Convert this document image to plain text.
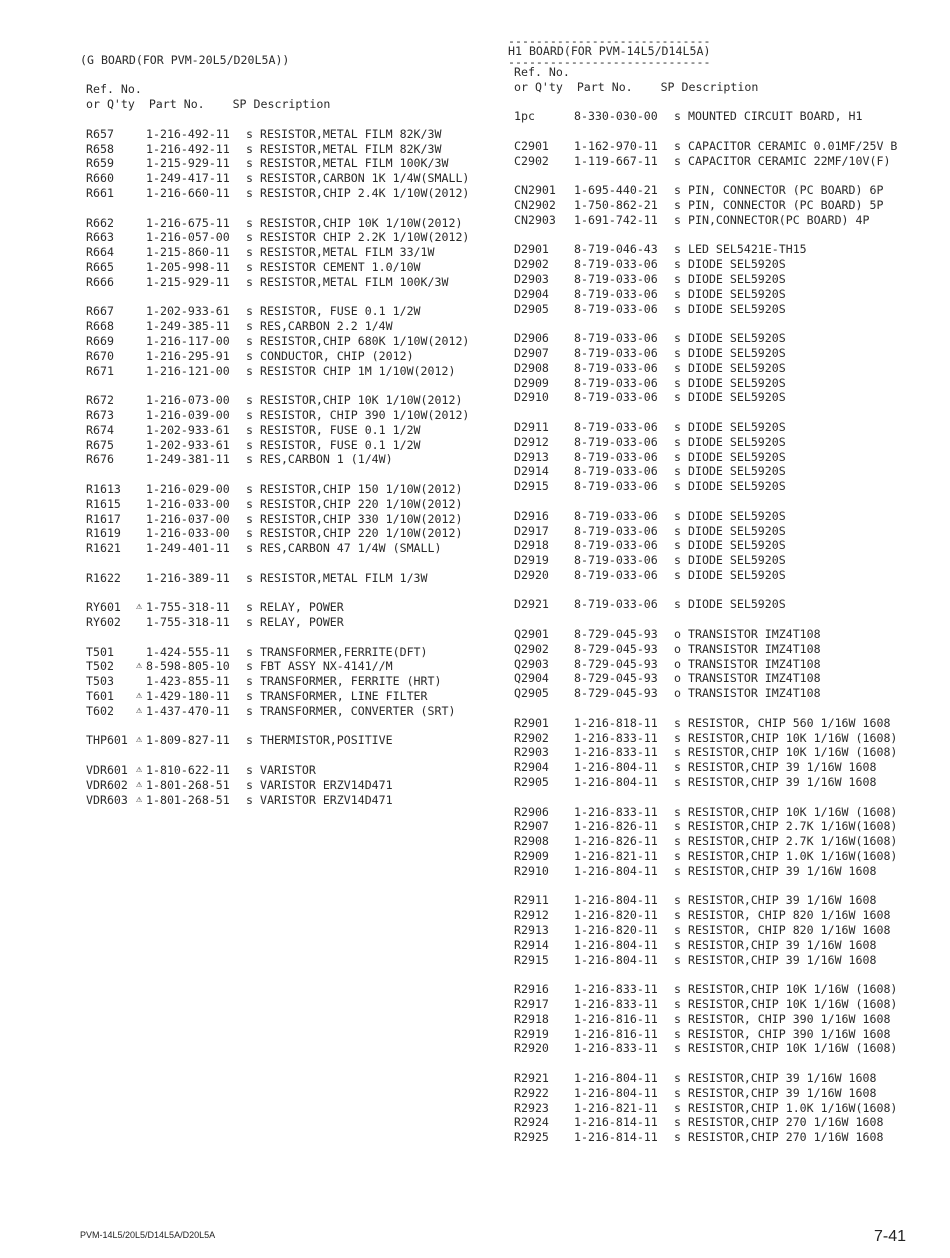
(G BOARD(FOR PVM-20L5/D20L5A))
Ref. No.
or Q'ty  Part No.    SP Description
R657	1-216-492-11	s RESISTOR,METAL FILM 82K/3W
R658	1-216-492-11	s RESISTOR,METAL FILM 82K/3W
R659	1-215-929-11	s RESISTOR,METAL FILM 100K/3W
R660	1-249-417-11	s RESISTOR,CARBON 1K 1/4W(SMALL)
R661	1-216-660-11	s RESISTOR,CHIP 2.4K 1/10W(2012)
R662	1-216-675-11	s RESISTOR,CHIP 10K 1/10W(2012)
R663	1-216-057-00	s RESISTOR CHIP 2.2K 1/10W(2012)
R664	1-215-860-11	s RESISTOR,METAL FILM 33/1W
R665	1-205-998-11	s RESISTOR CEMENT 1.0/10W
R666	1-215-929-11	s RESISTOR,METAL FILM 100K/3W
R667	1-202-933-61	s RESISTOR, FUSE 0.1 1/2W
R668	1-249-385-11	s RES,CARBON 2.2 1/4W
R669	1-216-117-00	s RESISTOR,CHIP 680K 1/10W(2012)
R670	1-216-295-91	s CONDUCTOR, CHIP (2012)
R671	1-216-121-00	s RESISTOR CHIP 1M 1/10W(2012)
R672	1-216-073-00	s RESISTOR,CHIP 10K 1/10W(2012)
R673	1-216-039-00	s RESISTOR, CHIP 390 1/10W(2012)
R674	1-202-933-61	s RESISTOR, FUSE 0.1 1/2W
R675	1-202-933-61	s RESISTOR, FUSE 0.1 1/2W
R676	1-249-381-11	s RES,CARBON 1 (1/4W)
R1613	1-216-029-00	s RESISTOR,CHIP 150 1/10W(2012)
R1615	1-216-033-00	s RESISTOR,CHIP 220 1/10W(2012)
R1617	1-216-037-00	s RESISTOR,CHIP 330 1/10W(2012)
R1619	1-216-033-00	s RESISTOR,CHIP 220 1/10W(2012)
R1621	1-249-401-11	s RES,CARBON 47 1/4W (SMALL)
R1622	1-216-389-11	s RESISTOR,METAL FILM 1/3W
RY601	⚠ 1-755-318-11	s RELAY, POWER
RY602	1-755-318-11	s RELAY, POWER
T501	1-424-555-11	s TRANSFORMER,FERRITE(DFT)
T502	⚠ 8-598-805-10	s FBT ASSY NX-4141//M
T503	1-423-855-11	s TRANSFORMER, FERRITE (HRT)
T601	⚠ 1-429-180-11	s TRANSFORMER, LINE FILTER
T602	⚠ 1-437-470-11	s TRANSFORMER, CONVERTER (SRT)
THP601 ⚠ 1-809-827-11	s THERMISTOR,POSITIVE
VDR601 ⚠ 1-810-622-11	s VARISTOR
VDR602 ⚠ 1-801-268-51	s VARISTOR ERZV14D471
VDR603 ⚠ 1-801-268-51	s VARISTOR ERZV14D471
-----------------------------
H1 BOARD(FOR PVM-14L5/D14L5A)
-----------------------------
Ref. No.
or Q'ty  Part No.    SP Description
1pc	8-330-030-00	s MOUNTED CIRCUIT BOARD, H1
C2901	1-162-970-11	s CAPACITOR CERAMIC 0.01MF/25V B
C2902	1-119-667-11	s CAPACITOR CERAMIC 22MF/10V(F)
CN2901	1-695-440-21	s PIN, CONNECTOR (PC BOARD) 6P
CN2902	1-750-862-21	s PIN, CONNECTOR (PC BOARD) 5P
CN2903	1-691-742-11	s PIN,CONNECTOR(PC BOARD) 4P
D2901	8-719-046-43	s LED SEL5421E-TH15
D2902	8-719-033-06	s DIODE SEL5920S
D2903	8-719-033-06	s DIODE SEL5920S
D2904	8-719-033-06	s DIODE SEL5920S
D2905	8-719-033-06	s DIODE SEL5920S
D2906	8-719-033-06	s DIODE SEL5920S
D2907	8-719-033-06	s DIODE SEL5920S
D2908	8-719-033-06	s DIODE SEL5920S
D2909	8-719-033-06	s DIODE SEL5920S
D2910	8-719-033-06	s DIODE SEL5920S
D2911	8-719-033-06	s DIODE SEL5920S
D2912	8-719-033-06	s DIODE SEL5920S
D2913	8-719-033-06	s DIODE SEL5920S
D2914	8-719-033-06	s DIODE SEL5920S
D2915	8-719-033-06	s DIODE SEL5920S
D2916	8-719-033-06	s DIODE SEL5920S
D2917	8-719-033-06	s DIODE SEL5920S
D2918	8-719-033-06	s DIODE SEL5920S
D2919	8-719-033-06	s DIODE SEL5920S
D2920	8-719-033-06	s DIODE SEL5920S
D2921	8-719-033-06	s DIODE SEL5920S
Q2901	8-729-045-93	o TRANSISTOR IMZ4T108
Q2902	8-729-045-93	o TRANSISTOR IMZ4T108
Q2903	8-729-045-93	o TRANSISTOR IMZ4T108
Q2904	8-729-045-93	o TRANSISTOR IMZ4T108
Q2905	8-729-045-93	o TRANSISTOR IMZ4T108
R2901	1-216-818-11	s RESISTOR, CHIP 560 1/16W 1608
R2902	1-216-833-11	s RESISTOR,CHIP 10K 1/16W (1608)
R2903	1-216-833-11	s RESISTOR,CHIP 10K 1/16W (1608)
R2904	1-216-804-11	s RESISTOR,CHIP 39 1/16W 1608
R2905	1-216-804-11	s RESISTOR,CHIP 39 1/16W 1608
R2906	1-216-833-11	s RESISTOR,CHIP 10K 1/16W (1608)
R2907	1-216-826-11	s RESISTOR,CHIP 2.7K 1/16W(1608)
R2908	1-216-826-11	s RESISTOR,CHIP 2.7K 1/16W(1608)
R2909	1-216-821-11	s RESISTOR,CHIP 1.0K 1/16W(1608)
R2910	1-216-804-11	s RESISTOR,CHIP 39 1/16W 1608
R2911	1-216-804-11	s RESISTOR,CHIP 39 1/16W 1608
R2912	1-216-820-11	s RESISTOR, CHIP 820 1/16W 1608
R2913	1-216-820-11	s RESISTOR, CHIP 820 1/16W 1608
R2914	1-216-804-11	s RESISTOR,CHIP 39 1/16W 1608
R2915	1-216-804-11	s RESISTOR,CHIP 39 1/16W 1608
R2916	1-216-833-11	s RESISTOR,CHIP 10K 1/16W (1608)
R2917	1-216-833-11	s RESISTOR,CHIP 10K 1/16W (1608)
R2918	1-216-816-11	s RESISTOR, CHIP 390 1/16W 1608
R2919	1-216-816-11	s RESISTOR, CHIP 390 1/16W 1608
R2920	1-216-833-11	s RESISTOR,CHIP 10K 1/16W (1608)
R2921	1-216-804-11	s RESISTOR,CHIP 39 1/16W 1608
R2922	1-216-804-11	s RESISTOR,CHIP 39 1/16W 1608
R2923	1-216-821-11	s RESISTOR,CHIP 1.0K 1/16W(1608)
R2924	1-216-814-11	s RESISTOR,CHIP 270 1/16W 1608
R2925	1-216-814-11	s RESISTOR,CHIP 270 1/16W 1608
PVM-14L5/20L5/D14L5A/D20L5A	7-41
